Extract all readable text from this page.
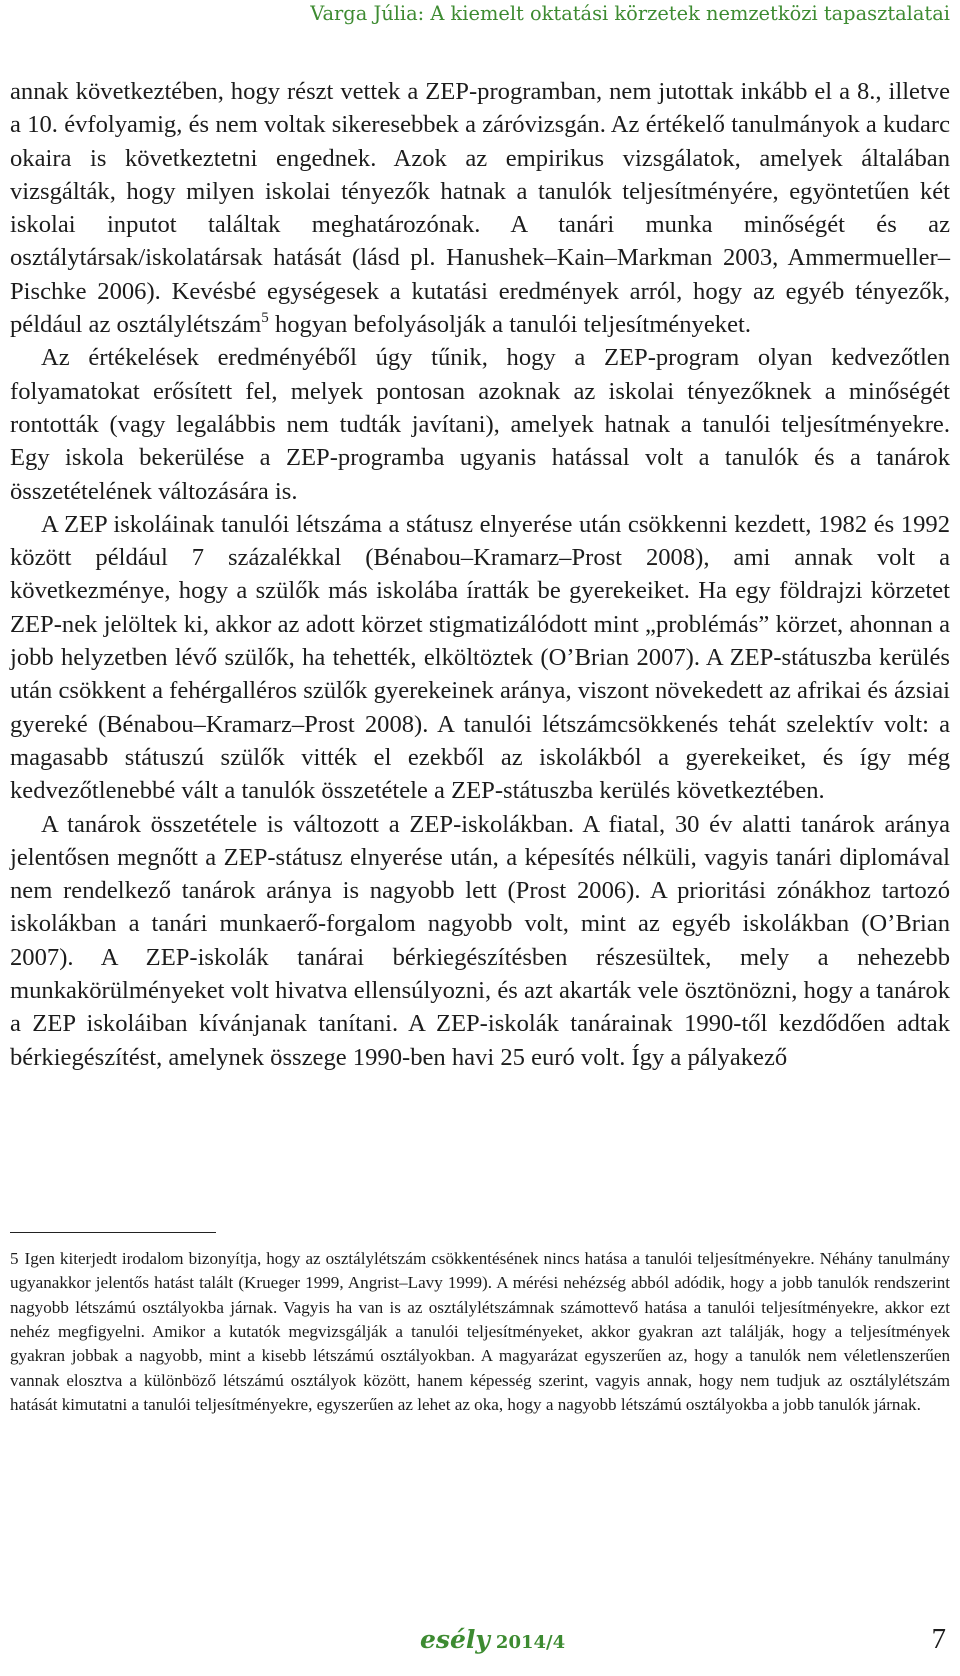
Varga Júlia: A kiemelt oktatási körzetek nemzetközi tapasztalatai

annak következtében, hogy részt vettek a ZEP-programban, nem jutottak inkább el a 8., illetve a 10. évfolyamig, és nem voltak sikeresebbek a záróvizsgán. Az értékelő tanulmányok a kudarc okaira is következtetni engednek. Azok az empirikus vizsgálatok, amelyek általában vizsgálták, hogy milyen iskolai tényezők hatnak a tanulók teljesítményére, egyöntetűen két iskolai inputot találtak meghatározónak. A tanári munka minőségét és az osztálytársak/iskolatársak hatását (lásd pl. Hanushek–Kain–Markman 2003, Ammermueller–Pischke 2006). Kevésbé egységesek a kutatási eredmények arról, hogy az egyéb tényezők, például az osztálylétszám$^5$ hogyan befolyásolják a tanulói teljesítményeket.

Az értékelések eredményéből úgy tűnik, hogy a ZEP-program olyan kedvezőtlen folyamatokat erősített fel, melyek pontosan azoknak az iskolai tényezőknek a minőségét rontották (vagy legalábbis nem tudták javítani), amelyek hatnak a tanulói teljesítményekre. Egy iskola bekerülése a ZEP-programba ugyanis hatással volt a tanulók és a tanárok összetételének változására is.

A ZEP iskoláinak tanulói létszáma a státusz elnyerése után csökkenni kezdett, 1982 és 1992 között például 7 százalékkal (Bénabou–Kramarz–Prost 2008), ami annak volt a következménye, hogy a szülők más iskolába íratták be gyerekeiket. Ha egy földrajzi körzetet ZEP-nek jelöltek ki, akkor az adott körzet stigmatizálódott mint „problémás” körzet, ahonnan a jobb helyzetben lévő szülők, ha tehették, elköltöztek (O’Brian 2007). A ZEP-státuszba kerülés után csökkent a fehérgalléros szülők gyerekeinek aránya, viszont növekedett az afrikai és ázsiai gyereké (Bénabou–Kramarz–Prost 2008). A tanulói létszámcsökkenés tehát szelektív volt: a magasabb státuszú szülők vitték el ezekből az iskolákból a gyerekeiket, és így még kedvezőtlenebbé vált a tanulók összetétele a ZEP-státuszba kerülés következtében.

A tanárok összetétele is változott a ZEP-iskolákban. A fiatal, 30 év alatti tanárok aránya jelentősen megnőtt a ZEP-státusz elnyerése után, a képesítés nélküli, vagyis tanári diplomával nem rendelkező tanárok aránya is nagyobb lett (Prost 2006). A prioritási zónákhoz tartozó iskolákban a tanári munkaerő-forgalom nagyobb volt, mint az egyéb iskolákban (O’Brian 2007). A ZEP-iskolák tanárai bérkiegészítésben részesültek, mely a nehezebb munkakörülményeket volt hivatva ellensúlyozni, és azt akarták vele ösztönözni, hogy a tanárok a ZEP iskoláiban kívánjanak tanítani. A ZEP-iskolák tanárainak 1990-től kezdődően adtak bérkiegészítést, amelynek összege 1990-ben havi 25 euró volt. Így a pályakező

5 Igen kiterjedt irodalom bizonyítja, hogy az osztálylétszám csökkentésének nincs hatása a tanulói teljesítményekre. Néhány tanulmány ugyanakkor jelentős hatást talált (Krueger 1999, Angrist–Lavy 1999). A mérési nehézség abból adódik, hogy a jobb tanulók rendszerint nagyobb létszámú osztályokba járnak. Vagyis ha van is az osztálylétszámnak számottevő hatása a tanulói teljesítményekre, akkor ezt nehéz megfigyelni. Amikor a kutatók megvizsgálják a tanulói teljesítményeket, akkor gyakran azt találják, hogy a teljesítmények gyakran jobbak a nagyobb, mint a kisebb létszámú osztályokban. A magyarázat egyszerűen az, hogy a tanulók nem véletlenszerűen vannak elosztva a különböző létszámú osztályok között, hanem képesség szerint, vagyis annak, hogy nem tudjuk az osztálylétszám hatását kimutatni a tanulói teljesítményekre, egyszerűen az lehet az oka, hogy a nagyobb létszámú osztályokba a jobb tanulók járnak.

esély 2014/4	7
